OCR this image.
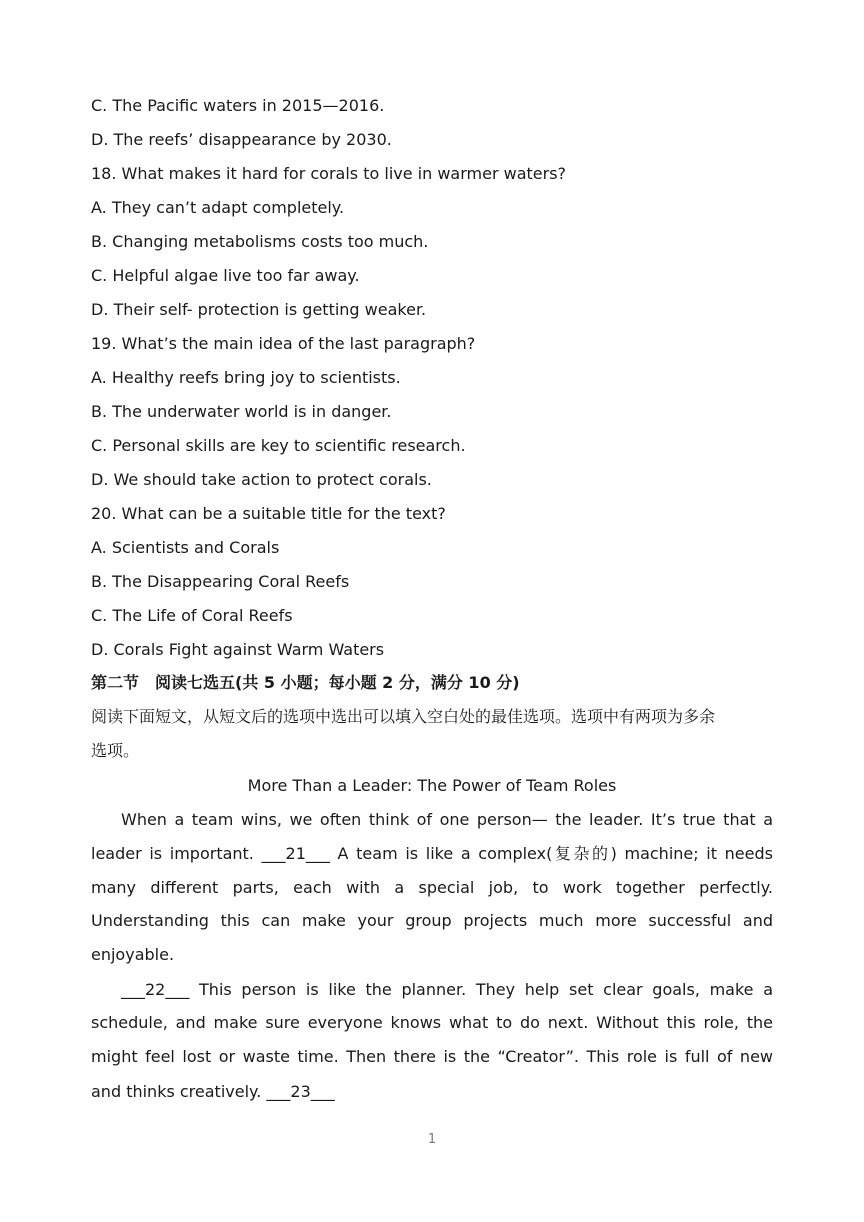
C. The Pacific waters in 2015—2016.
D. The reefs’ disappearance by 2030.
18. What makes it hard for corals to live in warmer waters?
A. They can’t adapt completely.
B. Changing metabolisms costs too much.
C. Helpful algae live too far away.
D. Their self- protection is getting weaker.
19. What’s the main idea of the last paragraph?
A. Healthy reefs bring joy to scientists.
B. The underwater world is in danger.
C. Personal skills are key to scientific research.
D. We should take action to protect corals.
20. What can be a suitable title for the text?
A. Scientists and Corals
B. The Disappearing Coral Reefs
C. The Life of Coral Reefs
D. Corals Fight against Warm Waters
第二节　阅读七选五(共 5 小题；每小题 2 分，满分 10 分)
阅读下面短文，从短文后的选项中选出可以填入空白处的最佳选项。选项中有两项为多余
选项。
More Than a Leader: The Power of Team Roles
When a team wins, we often think of one person— the leader. It’s true that a
leader is important. ___21___ A team is like a complex(复杂的) machine; it needs
many different parts, each with a special job, to work together perfectly.
Understanding this can make your group projects much more successful and
enjoyable.
___22___ This person is like the planner. They help set clear goals, make a
schedule, and make sure everyone knows what to do next. Without this role, the
might feel lost or waste time. Then there is the “Creator”. This role is full of new
and thinks creatively. ___23___
1
